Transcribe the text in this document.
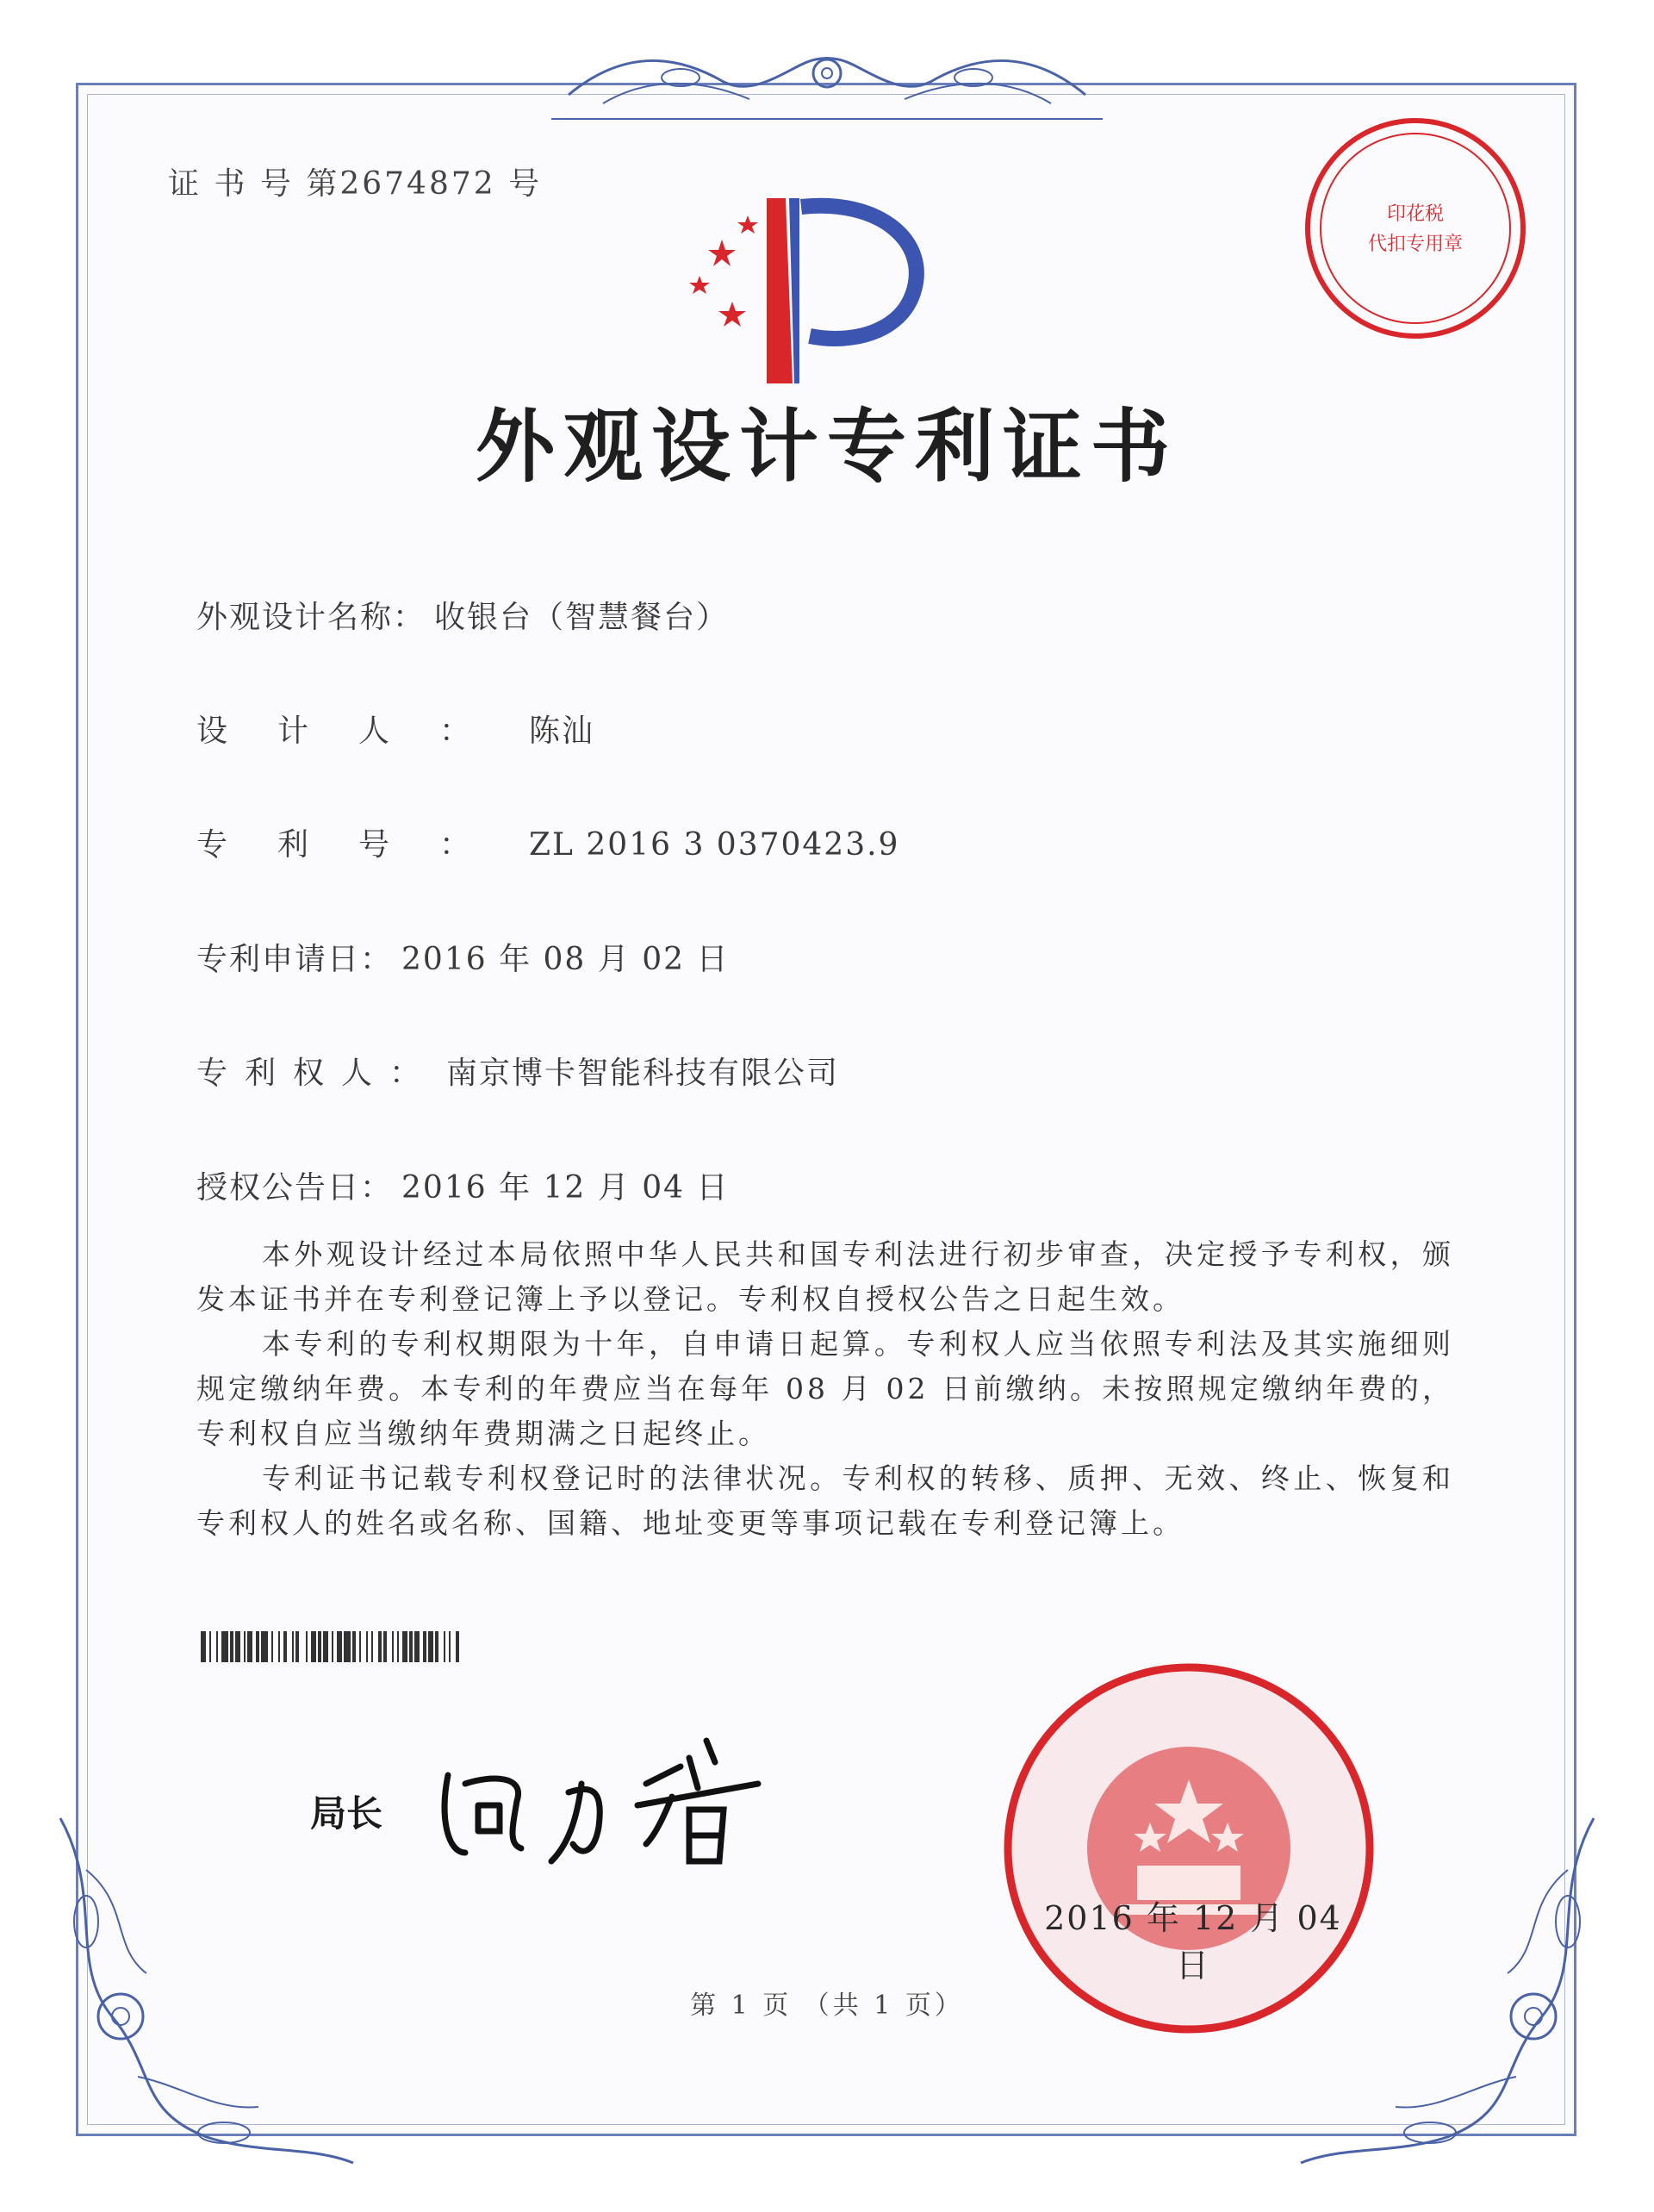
证 书 号 第2674872 号
外观设计专利证书
外观设计名称： 收银台（智慧餐台）
设计人： 陈汕
专利号： ZL 2016 3 0370423.9
专利申请日： 2016 年 08 月 02 日
专利权人： 南京博卡智能科技有限公司
授权公告日： 2016 年 12 月 04 日

本外观设计经过本局依照中华人民共和国专利法进行初步审查，决定授予专利权，颁发本证书并在专利登记簿上予以登记。专利权自授权公告之日起生效。

本专利的专利权期限为十年，自申请日起算。专利权人应当依照专利法及其实施细则规定缴纳年费。本专利的年费应当在每年 08 月 02 日前缴纳。未按照规定缴纳年费的，专利权自应当缴纳年费期满之日起终止。

专利证书记载专利权登记时的法律状况。专利权的转移、质押、无效、终止、恢复和专利权人的姓名或名称、国籍、地址变更等事项记载在专利登记簿上。

局长
印花税
代扣专用章
2016 年 12 月 04 日
第 1 页 （共 1 页）
